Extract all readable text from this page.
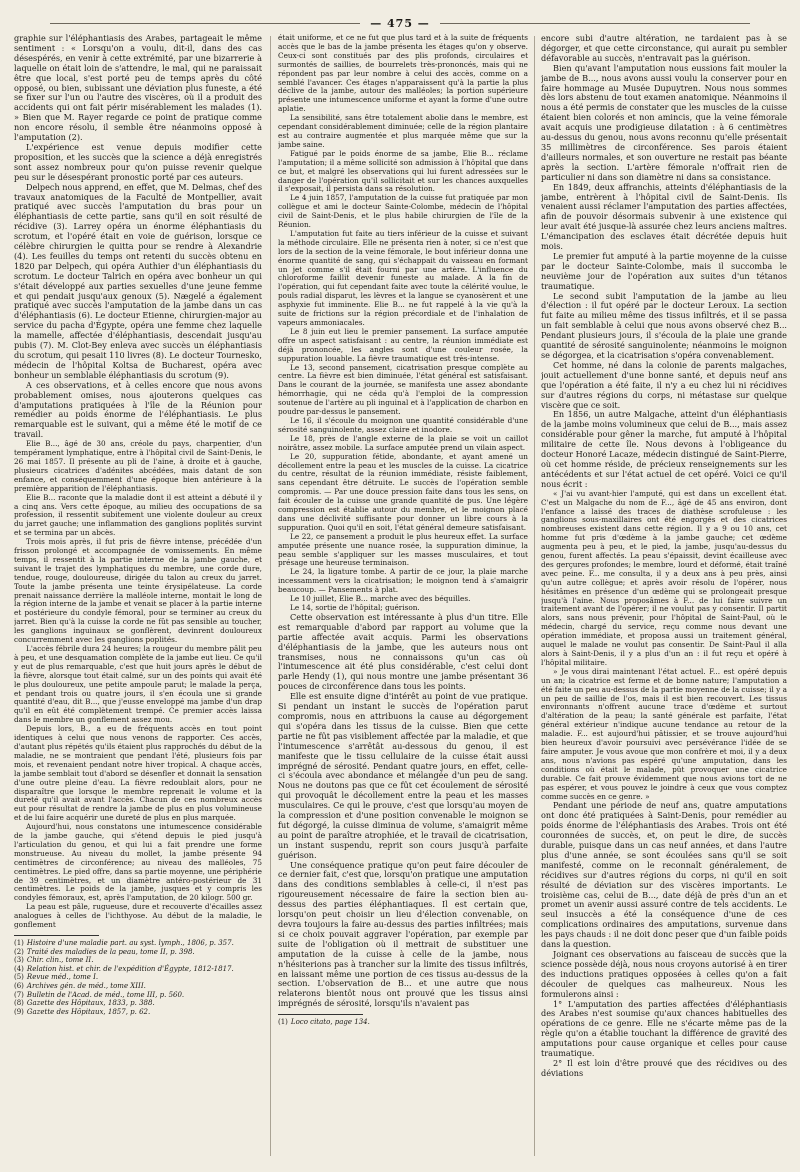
— 475 —

graphie sur l'éléphantiasis des Arabes, partageait le même sentiment : « Lorsqu'on a voulu, dit-il, dans des cas désespérés, en venir à cette extrémité, par une bizarrerie à laquelle on était loin de s'attendre, le mal, qui ne paraissait être que local, s'est porté peu de temps après du côté opposé, ou bien, subissant une déviation plus funeste, a été se fixer sur l'un ou l'autre des viscères, où il a produit des accidents qui ont fait périr misérablement les malades (1). » Bien que M. Rayer regarde ce point de pratique comme non encore résolu, il semble être néanmoins opposé à l'amputation (2).

L'expérience est venue depuis modifier cette proposition, et les succès que la science a déjà enregistrés sont assez nombreux pour qu'on puisse revenir quelque peu sur le désespérant pronostic porté par ces auteurs.

Delpech nous apprend, en effet, que M. Delmas, chef des travaux anatomiques de la Faculté de Montpellier, avait pratiqué avec succès l'amputation du bras pour un éléphantiasis de cette partie, sans qu'il en soit résulté de récidive (3). Larrey opéra un énorme éléphantiasis du scrotum, et l'opéré était en voie de guérison, lorsque ce célèbre chirurgien le quitta pour se rendre à Alexandrie (4). Les feuilles du temps ont retenti du succès obtenu en 1820 par Delpech, qui opéra Authier d'un éléphantiasis du scrotum. Le docteur Talrich en opéra avec bonheur un qui s'était développé aux parties sexuelles d'une jeune femme et qui pendait jusqu'aux genoux (5). Nægelé a également pratiqué avec succès l'amputation de la jambe dans un cas d'éléphantiasis (6). Le docteur Etienne, chirurgien-major au service du pacha d'Égypte, opéra une femme chez laquelle la mamelle, affectée d'éléphantiasis, descendait jusqu'au pubis (7). M. Clot-Bey enleva avec succès un éléphantiasis du scrotum, qui pesait 110 livres (8). Le docteur Tournesko, médecin de l'hôpital Koltsa de Bucharest, opéra avec bonheur un semblable éléphantiasis du scrotum (9).

A ces observations, et à celles encore que nous avons probablement omises, nous ajouterons quelques cas d'amputations pratiquées à l'île de la Réunion pour remédier au poids énorme de l'éléphantiasis. Le plus remarquable est le suivant, qui a même été le motif de ce travail.

Elie B..., âgé de 30 ans, créole du pays, charpentier, d'un tempérament lymphatique, entre à l'hôpital civil de Saint-Denis, le 26 mai 1857. Il présente au pli de l'aine, à droite et à gauche, plusieurs cicatrices d'adénites abcédées, mais datant de son enfance, et conséquemment d'une époque bien antérieure à la première apparition de l'éléphantiasis.

Elie B... raconte que la maladie dont il est atteint a débuté il y a cinq ans. Vers cette époque, au milieu des occupations de sa profession, il ressentit subitement une violente douleur au creux du jarret gauche; une inflammation des ganglions poplités survint et se termina par un abcès.

Trois mois après, il fut pris de fièvre intense, précédée d'un frisson prolongé et accompagnée de vomissements. En même temps, il ressentit à la partie interne de la jambe gauche, et suivant le trajet des lymphatiques du membre, une corde dure, tendue, rouge, douloureuse, dirigée du talon au creux du jarret. Toute la jambe présenta une teinte érysipélateuse. La corde prenait naissance derrière la malléole interne, montait le long de la région interne de la jambe et venait se placer à la partie interne et postérieure du condyle fémoral, pour se terminer au creux du jarret. Bien qu'à la cuisse la corde ne fût pas sensible au toucher, les ganglions inguinaux se gonflèrent, devinrent douloureux concurremment avec les ganglions poplités.

L'accès fébrile dura 24 heures; la rougeur du membre pâlit peu à peu, et une desquamation complète de la jambe eut lieu. Ce qu'il y eut de plus remarquable, c'est que huit jours après le début de la fièvre, alorsque tout était calmé, sur un des points qui avait été le plus douloureux, une petite ampoule parut; le malade la perça, et pendant trois ou quatre jours, il s'en écoula une si grande quantité d'eau, dit B..., que j'eusse enveloppé ma jambe d'un drap qu'il en eût été complètement trempé. Ce premier accès laissa dans le membre un gonflement assez mou.

Depuis lors, B., a eu de fréquents accès en tout point identiques à celui que nous venons de rapporter. Ces accès, d'autant plus répétés qu'ils étaient plus rapprochés du début de la maladie, ne se montraient que pendant l'été, plusieurs fois par mois, et revenaient pendant notre hiver tropical. A chaque accès, la jambe semblait tout d'abord se désenfler et donnait la sensation d'une outre pleine d'eau. La fièvre redoublait alors, pour ne disparaître que lorsque le membre reprenait le volume et la dureté qu'il avait avant l'accès. Chacun de ces nombreux accès eut pour résultat de rendre la jambe de plus en plus volumineuse et de lui faire acquérir une dureté de plus en plus marquée.

Aujourd'hui, nous constatons une intumescence considérable de la jambe gauche, qui s'étend depuis le pied jusqu'à l'articulation du genou, et qui lui a fait prendre une forme monstrueuse. Au niveau du mollet, la jambe présente 94 centimètres de circonférence; au niveau des malléoles, 75 centimètres. Le pied offre, dans sa partie moyenne, une périphérie de 39 centimètres, et un diamètre antéro-postérieur de 31 centimètres. Le poids de la jambe, jusques et y compris les condyles fémoraux, est, après l'amputation, de 20 kilogr. 500 gr.

La peau est pâle, rugueuse, dure et recouverte d'écailles assez analogues à celles de l'ichthyose. Au début de la maladie, le gonflement

(1) Histoire d'une maladie part. au syst. lymph., 1806, p. 357.
(2) Traité des maladies de la peau, tome II, p. 398.
(3) Chir. clin., tome II.
(4) Relation hist. et chir. de l'expédition d'Égypte, 1812-1817.
(5) Revue méd., tome I.
(6) Archives gén. de méd., tome XIII.
(7) Bulletin de l'Acad. de méd., tome III, p. 560.
(8) Gazette des Hôpitaux, 1833, p. 388.
(9) Gazette des Hôpitaux, 1857, p. 62.

était uniforme, et ce ne fut que plus tard et à la suite de fréquents accès que le bas de la jambe présenta les étages qu'on y observe. Ceux-ci sont constitués par des plis profonds, circulaires et surmontés de saillies, de bourrelets très-prononcés, mais qui ne répondent pas par leur nombre à celui des accès, comme on a semblé l'avancer. Ces étages n'apparaissent qu'à la partie la plus déclive de la jambe, autour des malléoles; la portion supérieure présente une intumescence uniforme et ayant la forme d'une outre aplatie.

La sensibilité, sans être totalement abolie dans le membre, est cependant considérablement diminuée; celle de la région plantaire est au contraire augmentée et plus marquée même que sur la jambe saine.

Fatigué par le poids énorme de sa jambe, Elie B... réclame l'amputation; il a même sollicité son admission à l'hôpital que dans ce but, et malgré les observations qui lui furent adressées sur le danger de l'opération qu'il sollicitait et sur les chances auxquelles il s'exposait, il persista dans sa résolution.

Le 4 juin 1857, l'amputation de la cuisse fut pratiquée par mon collègue et ami le docteur Sainte-Colombe, médecin de l'hôpital civil de Saint-Denis, et le plus habile chirurgien de l'île de la Réunion.

L'amputation fut faite au tiers inférieur de la cuisse et suivant la méthode circulaire. Elle ne présenta rien à noter, si ce n'est que lors de la section de la veine fémorale, le bout inférieur donna une énorme quantité de sang, qui s'échappait du vaisseau en formant un jet comme s'il était fourni par une artère. L'influence du chloroforme faillit devenir funeste au malade. A la fin de l'opération, qui fut cependant faite avec toute la célérité voulue, le pouls radial disparut, les lèvres et la langue se cyanosèrent et une asphyxie fut imminente. Elie B... ne fut rappelé à la vie qu'à la suite de frictions sur la région précordiale et de l'inhalation de vapeurs ammoniacales.

Le 8 juin eut lieu le premier pansement. La surface amputée offre un aspect satisfaisant : au centre, la réunion immédiate est déjà prononcée, les angles sont d'une couleur rosée, la suppuration louable. La fièvre traumatique est très-intense.

Le 13, second pansement, cicatrisation presque complète au centre. La fièvre est bien diminuée, l'état général est satisfaisant. Dans le courant de la journée, se manifesta une assez abondante hémorrhagie, qui ne céda qu'à l'emploi de la compression soutenue de l'artère au pli inguinal et à l'application de charbon en poudre par-dessus le pansement.

Le 16, il s'écoule du moignon une quantité considérable d'une sérosité sanguinolente, assez claire et inodore.

Le 18, près de l'angle externe de la plaie se voit un caillot noirâtre, assez mobile. La surface amputée prend un vilain aspect.

Le 20, suppuration fétide, abondante, et ayant amené un décollement entre la peau et les muscles de la cuisse. La cicatrice du centre, résultat de la réunion immédiate, résiste faiblement, sans cependant être détruite. Le succès de l'opération semble compromis. — Par une douce pression faite dans tous les sens, on fait écouler de la cuisse une grande quantité de pus. Une légère compression est établie autour du membre, et le moignon placé dans une déclivité suffisante pour donner un libre cours à la suppuration. Quoi qu'il en soit, l'état général demeure satisfaisant.

Le 22, ce pansement a produit le plus heureux effet. La surface amputée présente une nuance rosée, la suppuration diminue, la peau semble s'appliquer sur les masses musculaires, et tout présage une heureuse terminaison.

Le 24, la ligature tombe. A partir de ce jour, la plaie marche incessamment vers la cicatrisation; le moignon tend à s'amaigrir beaucoup. — Pansements à plat.

Le 10 juillet, Elie B... marche avec des béquilles.

Le 14, sortie de l'hôpital; guérison.

Cette observation est intéressante à plus d'un titre. Elle est remarquable d'abord par rapport au volume que la partie affectée avait acquis. Parmi les observations d'éléphantiasis de la jambe, que les auteurs nous ont transmises, nous ne connaissons qu'un cas où l'intumescence ait été plus considérable, c'est celui dont parle Hendy (1), qui nous montre une jambe présentant 36 pouces de circonférence dans tous les points.

Elle est ensuite digne d'intérêt au point de vue pratique. Si pendant un instant le succès de l'opération parut compromis, nous en attribuons la cause au dégorgement qui s'opéra dans les tissus de la cuisse. Bien que cette partie ne fût pas visiblement affectée par la maladie, et que l'intumescence s'arrêtât au-dessous du genou, il est manifeste que le tissu cellulaire de la cuisse était aussi imprégné de sérosité. Pendant quatre jours, en effet, celle-ci s'écoula avec abondance et mélangée d'un peu de sang. Nous ne doutons pas que ce fût cet écoulement de sérosité qui provoquât le décollement entre la peau et les masses musculaires. Ce qui le prouve, c'est que lorsqu'au moyen de la compression et d'une position convenable le moignon se fut dégorgé, la cuisse diminua de volume, s'amaigrit même au point de paraître atrophiée, et le travail de cicatrisation, un instant suspendu, reprit son cours jusqu'à parfaite guérison.

Une conséquence pratique qu'on peut faire découler de ce dernier fait, c'est que, lorsqu'on pratique une amputation dans des conditions semblables à celle-ci, il n'est pas rigoureusement nécessaire de faire la section bien au-dessus des parties éléphantiaques. Il est certain que, lorsqu'on peut choisir un lieu d'élection convenable, on devra toujours la faire au-dessus des parties infiltrées; mais si ce choix pouvait aggraver l'opération, par exemple par suite de l'obligation où il mettrait de substituer une amputation de la cuisse à celle de la jambe, nous n'hésiterions pas à trancher sur la limite des tissus infiltrés, en laissant même une portion de ces tissus au-dessus de la section. L'observation de B... et une autre que nous relaterons bientôt nous ont prouvé que les tissus ainsi imprégnés de sérosité, lorsqu'ils n'avaient pas

(1) Loco citato, page 134.

encore subi d'autre altération, ne tardaient pas à se dégorger, et que cette circonstance, qui aurait pu sembler défavorable au succès, n'entravait pas la guérison.

Bien qu'avant l'amputation nous eussions fait mouler la jambe de B..., nous avons aussi voulu la conserver pour en faire hommage au Musée Dupuytren. Nous nous sommes dès lors abstenu de tout examen anatomique. Néanmoins il nous a été permis de constater que les muscles de la cuisse étaient bien colorés et non amincis, que la veine fémorale avait acquis une prodigieuse dilatation : à 6 centimètres au-dessus du genou, nous avons reconnu qu'elle présentait 35 millimètres de circonférence. Ses parois étaient d'ailleurs normales, et son ouverture ne restait pas béante après la section. L'artère fémorale n'offrait rien de particulier ni dans son diamètre ni dans sa consistance.

En 1849, deux affranchis, atteints d'éléphantiasis de la jambe, entrèrent à l'hôpital civil de Saint-Denis. Ils venaient aussi réclamer l'amputation des parties affectées, afin de pouvoir désormais subvenir à une existence qui leur avait été jusque-là assurée chez leurs anciens maîtres. L'émancipation des esclaves était décrétée depuis huit mois.

Le premier fut amputé à la partie moyenne de la cuisse par le docteur Sainte-Colombe, mais il succomba le neuvième jour de l'opération aux suites d'un tétanos traumatique.

Le second subit l'amputation de la jambe au lieu d'élection : il fut opéré par le docteur Leroux. La section fut faite au milieu même des tissus infiltrés, et il se passa un fait semblable à celui que nous avons observé chez B... Pendant plusieurs jours, il s'écoula de la plaie une grande quantité de sérosité sanguinolente; néanmoins le moignon se dégorgea, et la cicatrisation s'opéra convenablement.

Cet homme, né dans la colonie de parents malgaches, jouit actuellement d'une bonne santé, et depuis neuf ans que l'opération a été faite, il n'y a eu chez lui ni récidives sur d'autres régions du corps, ni métastase sur quelque viscère que ce soit.

En 1856, un autre Malgache, atteint d'un éléphantiasis de la jambe moins volumineux que celui de B..., mais assez considérable pour gêner la marche, fut amputé à l'hôpital militaire de cette île. Nous devons à l'obligeance du docteur Honoré Lacaze, médecin distingué de Saint-Pierre, où cet homme réside, de précieux renseignements sur les antécédents et sur l'état actuel de cet opéré. Voici ce qu'il nous écrit :

« J'ai vu avant-hier l'amputé, qui est dans un excellent état. C'est un Malgache du nom de F..., âgé de 45 ans environ, dont l'enfance a laissé des traces de diathèse scrofuleuse : les ganglions sous-maxillaires ont été engorgés et des cicatrices nombreuses existent dans cette région. Il y a 9 ou 10 ans, cet homme fut pris d'œdème à la jambe gauche; cet œdème augmenta peu à peu, et le pied, la jambe, jusqu'au-dessus du genou, furent affectés. La peau s'épaissit, devint écailleuse avec des gerçures profondes; le membre, lourd et déformé, était traîné avec peine. F... me consulta, il y a deux ans à peu près, ainsi qu'un autre collègue; et après avoir résolu de l'opérer, nous hésitâmes en présence d'un œdème qui se prolongeait presque jusqu'à l'aine. Nous proposâmes à F... de lui faire suivre un traitement avant de l'opérer; il ne voulut pas y consentir. Il partit alors, sans nous prévenir, pour l'hôpital de Saint-Paul, où le médecin, chargé du service, reçu comme nous devant une opération immédiate, et proposa aussi un traitement général, auquel le malade ne voulut pas consentir. De Saint-Paul il alla alors à Saint-Denis, il y a plus d'un an : il fut reçu et opéré à l'hôpital militaire.

» Je vous dirai maintenant l'état actuel. F... est opéré depuis un an; la cicatrice est ferme et de bonne nature; l'amputation a été faite un peu au-dessus de la partie moyenne de la cuisse; il y a un peu de saillie de l'os, mais il est bien recouvert. Les tissus environnants n'offrent aucune trace d'œdème et surtout d'altération de la peau; la santé générale est parfaite, l'état général extérieur n'indique aucune tendance au retour de la maladie. F... est aujourd'hui pâtissier, et se trouve aujourd'hui bien heureux d'avoir poursuivi avec persévérance l'idée de se faire amputer. Je vous avoue que mon confrère et moi, il y a deux ans, nous n'avions pas espéré qu'une amputation, dans les conditions où était le malade, pût provoquer une cicatrice durable. Ce fait prouve évidemment que nous avions tort de ne pas espérer, et vous pouvez le joindre à ceux que vous comptez comme succès en ce genre. »

Pendant une période de neuf ans, quatre amputations ont donc été pratiquées à Saint-Denis, pour remédier au poids énorme de l'éléphantiasis des Arabes. Trois ont été couronnées de succès, et, on peut le dire, de succès durable, puisque dans un cas neuf années, et dans l'autre plus d'une année, se sont écoulées sans qu'il se soit manifesté, comme on le reconnaît généralement, de récidives sur d'autres régions du corps, ni qu'il en soit résulté de déviation sur des viscères importants. Le troisième cas, celui de B..., date déjà de près d'un an et promet un avenir aussi assuré contre de tels accidents. Le seul insuccès a été la conséquence d'une de ces complications ordinaires des amputations, survenue dans les pays chauds : il ne doit donc peser que d'un faible poids dans la question.

Joignant ces observations au faisceau de succès que la science possède déjà, nous nous croyons autorisé à en tirer des inductions pratiques opposées à celles qu'on a fait découler de quelques cas malheureux. Nous les formulerons ainsi :

1° L'amputation des parties affectées d'éléphantiasis des Arabes n'est soumise qu'aux chances habituelles des opérations de ce genre. Elle ne s'écarte même pas de la règle qu'on a établie touchant la différence de gravité des amputations pour cause organique et celles pour cause traumatique.

2° Il est loin d'être prouvé que des récidives ou des déviations
